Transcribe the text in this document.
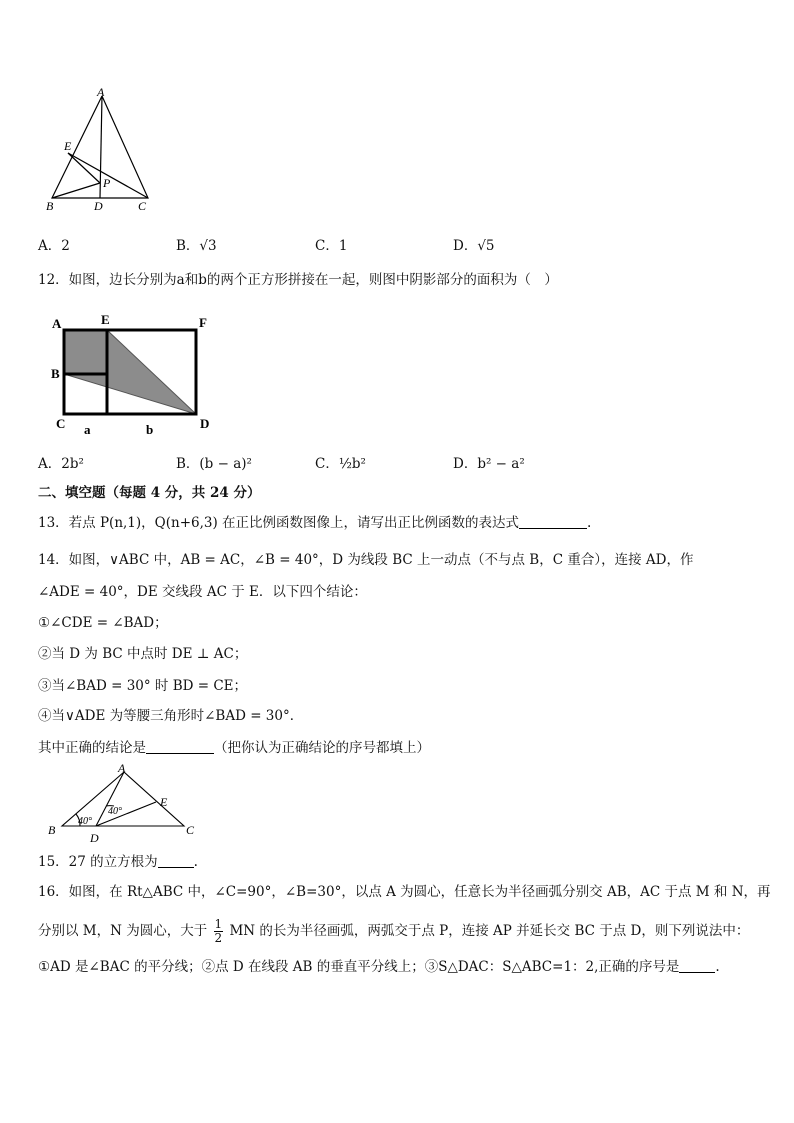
A
E
P
B	D	C
A．2	B．√3	C．1	D．√5
12．如图，边长分别为a和b的两个正方形拼接在一起，则图中阴影部分的面积为（　）
A	E	F
B
C a	b	D
A．2b²	B．(b − a)²	C．½b²	D．b² − a²
二、填空题（每题 4 分，共 24 分）
13．若点 P(n,1)，Q(n+6,3) 在正比例函数图像上，请写出正比例函数的表达式	.
14．如图，∨ABC 中，AB = AC，∠B = 40°，D 为线段 BC 上一动点（不与点 B，C 重合），连接 AD，作
∠ADE = 40°，DE 交线段 AC 于 E．以下四个结论：
①∠CDE = ∠BAD；
②当 D 为 BC 中点时 DE ⊥ AC；
③当∠BAD = 30° 时 BD = CE；
④当∨ADE 为等腰三角形时∠BAD = 30°．
其中正确的结论是	（把你认为正确结论的序号都填上）
A
E
B
D
C
40°
40°
15．27 的立方根为	.
16．如图，在 Rt△ABC 中，∠C=90°，∠B=30°，以点 A 为圆心，任意长为半径画弧分别交 AB，AC 于点 M 和 N，再
分别以 M，N 为圆心，大于 $\frac{1}{2}$ MN 的长为半径画弧，两弧交于点 P，连接 AP 并延长交 BC 于点 D，则下列说法中：
①AD 是∠BAC 的平分线；②点 D 在线段 AB 的垂直平分线上；③S△DAC：S△ABC=1：2,正确的序号是	.
